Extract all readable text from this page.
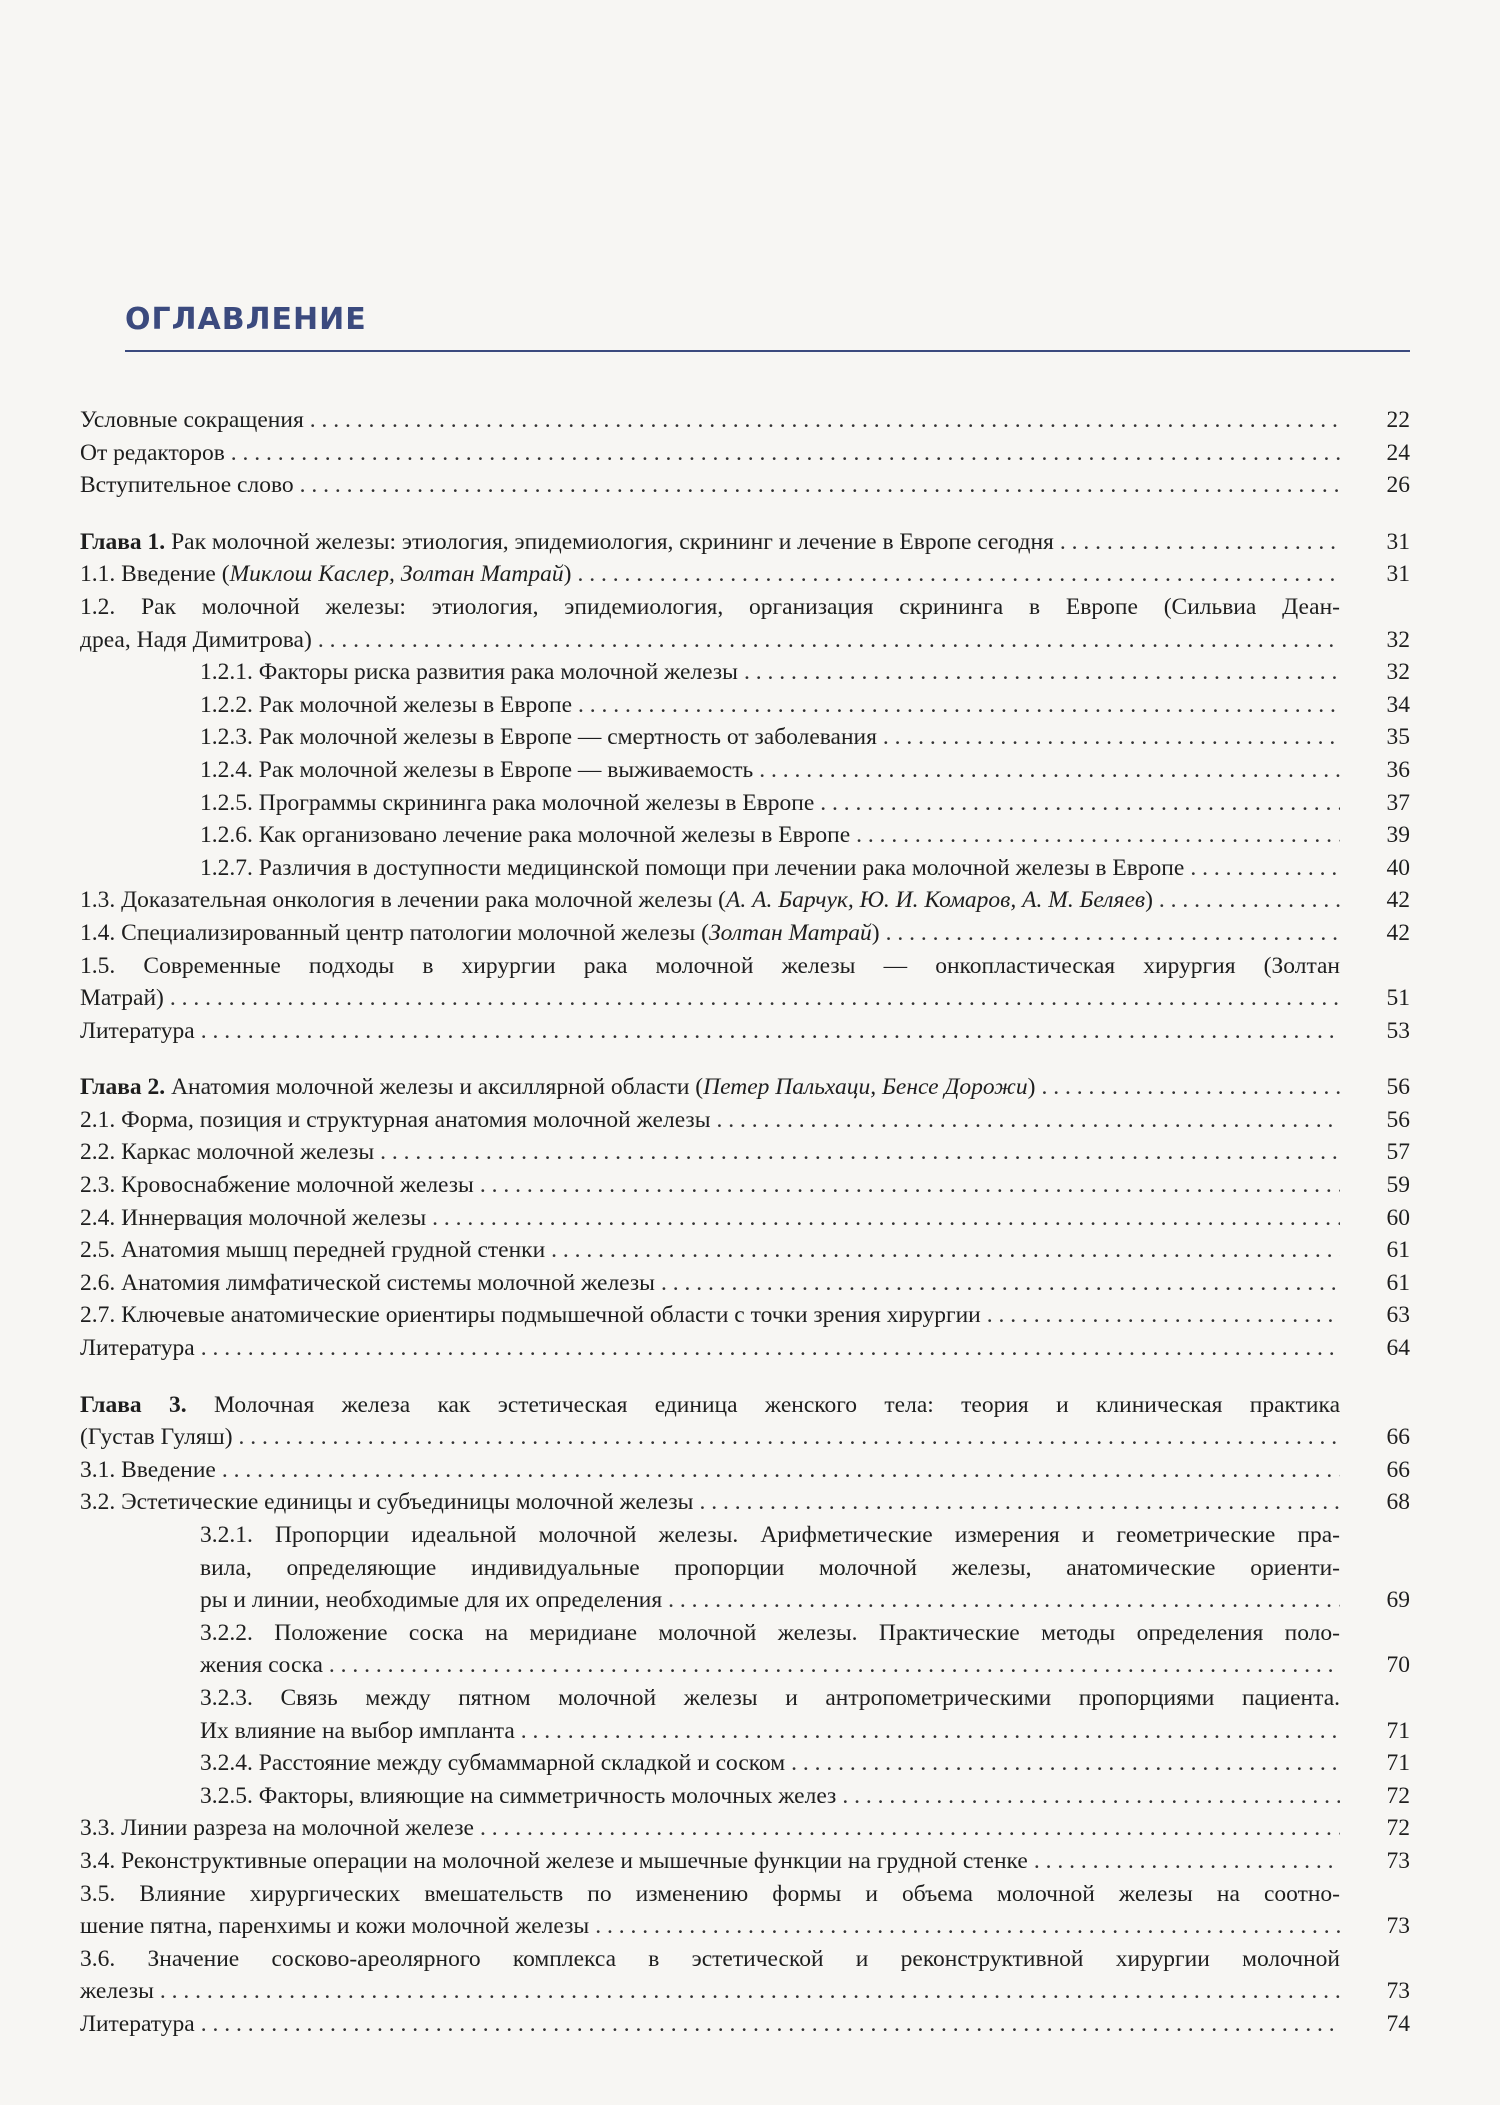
ОГЛАВЛЕНИЕ
Условные сокращения . . .	22
От редакторов . . .	24
Вступительное слово . . .	26
Глава 1. Рак молочной железы: этиология, эпидемиология, скрининг и лечение в Европе сегодня . . .	31
1.1. Введение (Миклош Каслер, Золтан Матрай) . . .	31
1.2. Рак молочной железы: этиология, эпидемиология, организация скрининга в Европе (Сильвиа Деан-
дреа, Надя Димитрова) . . .	32
1.2.1. Факторы риска развития рака молочной железы . . .	32
1.2.2. Рак молочной железы в Европе . . .	34
1.2.3. Рак молочной железы в Европе — смертность от заболевания . . .	35
1.2.4. Рак молочной железы в Европе — выживаемость . . .	36
1.2.5. Программы скрининга рака молочной железы в Европе . . .	37
1.2.6. Как организовано лечение рака молочной железы в Европе . . .	39
1.2.7. Различия в доступности медицинской помощи при лечении рака молочной железы в Европе . . .	40
1.3. Доказательная онкология в лечении рака молочной железы (А. А. Барчук, Ю. И. Комаров, А. М. Беляев) . . .	42
1.4. Специализированный центр патологии молочной железы (Золтан Матрай) . . .	42
1.5. Современные подходы в хирургии рака молочной железы — онкопластическая хирургия (Золтан
Матрай) . . .	51
Литература . . .	53
Глава 2. Анатомия молочной железы и аксиллярной области (Петер Пальхаци, Бенсе Дорожи) . . .	56
2.1. Форма, позиция и структурная анатомия молочной железы . . .	56
2.2. Каркас молочной железы . . .	57
2.3. Кровоснабжение молочной железы . . .	59
2.4. Иннервация молочной железы . . .	60
2.5. Анатомия мышц передней грудной стенки . . .	61
2.6. Анатомия лимфатической системы молочной железы . . .	61
2.7. Ключевые анатомические ориентиры подмышечной области с точки зрения хирургии . . .	63
Литература . . .	64
Глава 3. Молочная железа как эстетическая единица женского тела: теория и клиническая практика
(Густав Гуляш) . . .	66
3.1. Введение . . .	66
3.2. Эстетические единицы и субъединицы молочной железы . . .	68
3.2.1. Пропорции идеальной молочной железы. Арифметические измерения и геометрические пра-
вила, определяющие индивидуальные пропорции молочной железы, анатомические ориенти-
ры и линии, необходимые для их определения . . .	69
3.2.2. Положение соска на меридиане молочной железы. Практические методы определения поло-
жения соска . . .	70
3.2.3. Связь между пятном молочной железы и антропометрическими пропорциями пациента.
Их влияние на выбор импланта . . .	71
3.2.4. Расстояние между субмаммарной складкой и соском . . .	71
3.2.5. Факторы, влияющие на симметричность молочных желез . . .	72
3.3. Линии разреза на молочной железе . . .	72
3.4. Реконструктивные операции на молочной железе и мышечные функции на грудной стенке . . .	73
3.5. Влияние хирургических вмешательств по изменению формы и объема молочной железы на соотно-
шение пятна, паренхимы и кожи молочной железы . . .	73
3.6. Значение сосково-ареолярного комплекса в эстетической и реконструктивной хирургии молочной
железы . . .	73
Литература . . .	74
